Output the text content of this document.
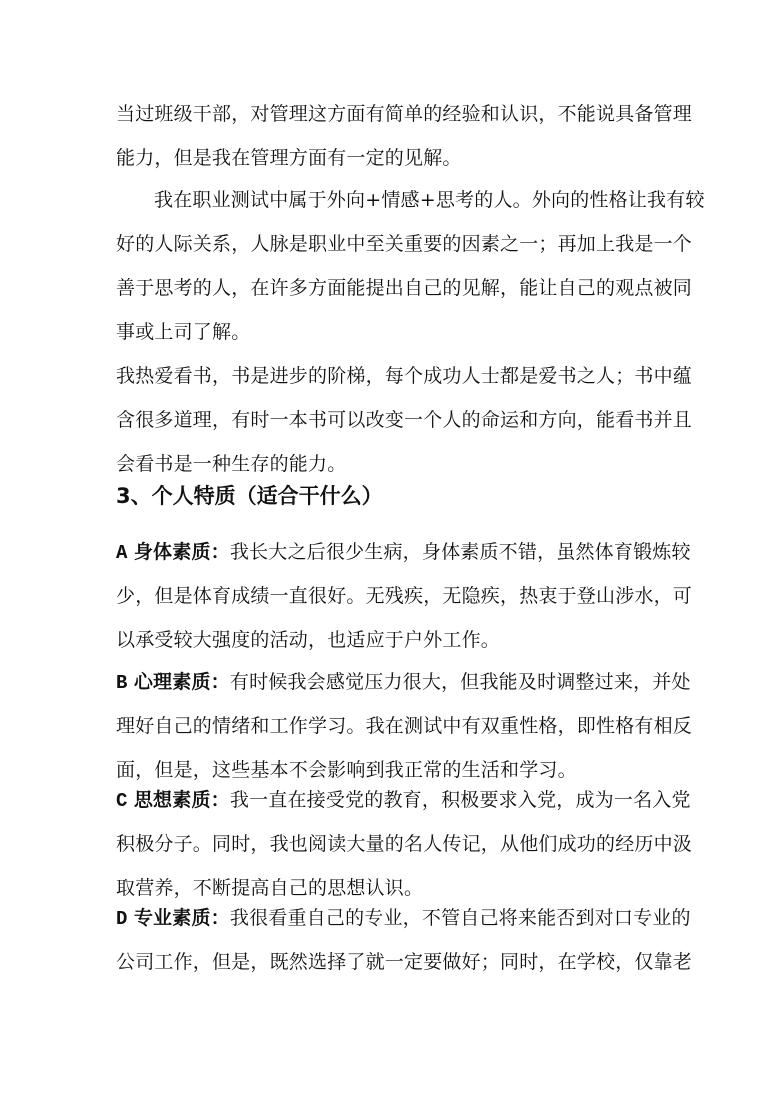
当过班级干部，对管理这方面有简单的经验和认识，不能说具备管理
能力，但是我在管理方面有一定的见解。
我在职业测试中属于外向+情感+思考的人。外向的性格让我有较
好的人际关系，人脉是职业中至关重要的因素之一；再加上我是一个
善于思考的人，在许多方面能提出自己的见解，能让自己的观点被同
事或上司了解。
我热爱看书，书是进步的阶梯，每个成功人士都是爱书之人；书中蕴
含很多道理，有时一本书可以改变一个人的命运和方向，能看书并且
会看书是一种生存的能力。
3、个人特质（适合干什么）
A 身体素质：我长大之后很少生病，身体素质不错，虽然体育锻炼较
少，但是体育成绩一直很好。无残疾，无隐疾，热衷于登山涉水，可
以承受较大强度的活动，也适应于户外工作。
B 心理素质：有时候我会感觉压力很大，但我能及时调整过来，并处
理好自己的情绪和工作学习。我在测试中有双重性格，即性格有相反
面，但是，这些基本不会影响到我正常的生活和学习。
C 思想素质：我一直在接受党的教育，积极要求入党，成为一名入党
积极分子。同时，我也阅读大量的名人传记，从他们成功的经历中汲
取营养，不断提高自己的思想认识。
D 专业素质：我很看重自己的专业，不管自己将来能否到对口专业的
公司工作，但是，既然选择了就一定要做好；同时，在学校，仅靠老
